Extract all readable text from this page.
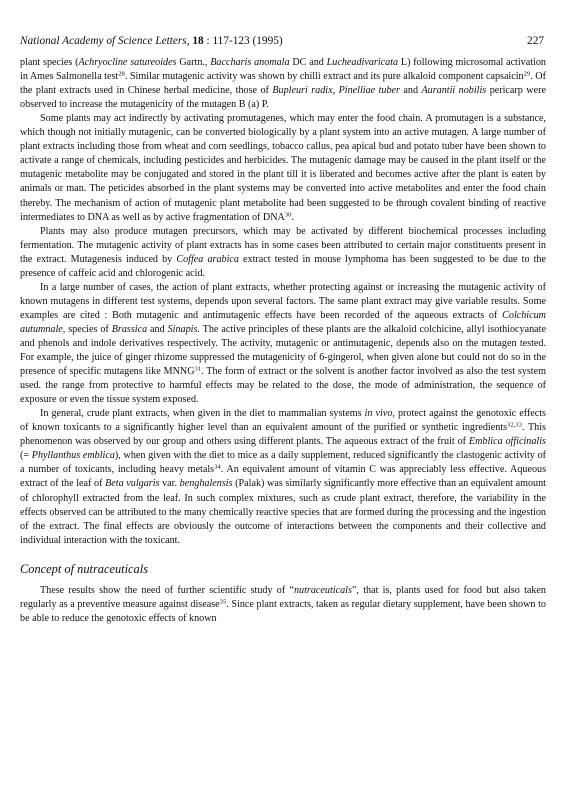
National Academy of Science Letters, 18 : 117-123 (1995)	227

plant species (Achryocline satureoides Gartn., Baccharis anomala DC and Lucheadivaricata L) following microsomal activation in Ames Salmonella test$^{28}$. Similar mutagenic activity was shown by chilli extract and its pure alkaloid component capsaicin$^{29}$. Of the plant extracts used in Chinese herbal medicine, those of Bupleuri radix, Pinelliae tuber and Aurantii nobilis pericarp were observed to increase the mutagenicity of the mutagen B (a) P.

Some plants may act indirectly by activating promutagenes, which may enter the food chain. A promutagen is a substance, which though not initially mutagenic, can be converted biologically by a plant system into an active mutagen. A large number of plant extracts including those from wheat and corn seedlings, tobacco callus, pea apical bud and potato tuber have been shown to activate a range of chemicals, including pesticides and herbicides. The mutagenic damage may be caused in the plant itself or the mutagenic metabolite may be conjugated and stored in the plant till it is liberated and becomes active after the plant is eaten by animals or man. The peticides absorbed in the plant systems may be converted into active metabolites and enter the food chain thereby. The mechanism of action of mutagenic plant metabolite had been suggested to be through covalent binding of reactive intermediates to DNA as well as by active fragmentation of DNA$^{30}$.

Plants may also produce mutagen precursors, which may be activated by different biochemical processes including fermentation. The mutagenic activity of plant extracts has in some cases been attributed to certain major constituents present in the extract. Mutagenesis induced by Coffea arabica extract tested in mouse lymphoma has been suggested to be due to the presence of caffeic acid and chlorogenic acid.

In a large number of cases, the action of plant extracts, whether protecting against or increasing the mutagenic activity of known mutagens in different test systems, depends upon several factors. The same plant extract may give variable results. Some examples are cited : Both mutagenic and antimutagenic effects have been recorded of the aqueous extracts of Colchicum autumnale, species of Brassica and Sinapis. The active principles of these plants are the alkaloid colchicine, allyl isothiocyanate and phenols and indole derivatives respectively. The activity, mutagenic or antimutagenic, depends also on the mutagen tested. For example, the juice of ginger rhizome suppressed the mutagenicity of 6-gingerol, when given alone but could not do so in the presence of specific mutagens like MNNG$^{31}$. The form of extract or the solvent is another factor involved as also the test system used. the range from protective to harmful effects may be related to the dose, the mode of administration, the sequence of exposure or even the tissue system exposed.

In general, crude plant extracts, when given in the diet to mammalian systems in vivo, protect against the genotoxic effects of known toxicants to a significantly higher level than an equivalent amount of the purified or synthetic ingredients$^{32,33}$. This phenomenon was observed by our group and others using different plants. The aqueous extract of the fruit of Emblica officinalis (= Phyllanthus emblica), when given with the diet to mice as a daily supplement, reduced significantly the clastogenic activity of a number of toxicants, including heavy metals$^{34}$. An equivalent amount of vitamin C was appreciably less effective. Aqueous extract of the leaf of Beta vulgaris var. benghalensis (Palak) was similarly significantly more effective than an equivalent amount of chlorophyll extracted from the leaf. In such complex mixtures, such as crude plant extract, therefore, the variability in the effects observed can be attributed to the many chemically reactive species that are formed during the processing and the ingestion of the extract. The final effects are obviously the outcome of interactions between the components and their collective and individual interaction with the toxicant.

Concept of nutraceuticals

These results show the need of further scientific study of “nutraceuticals”, that is, plants used for food but also taken regularly as a preventive measure against disease$^{35}$. Since plant extracts, taken as regular dietary supplement, have been shown to be able to reduce the genotoxic effects of known
